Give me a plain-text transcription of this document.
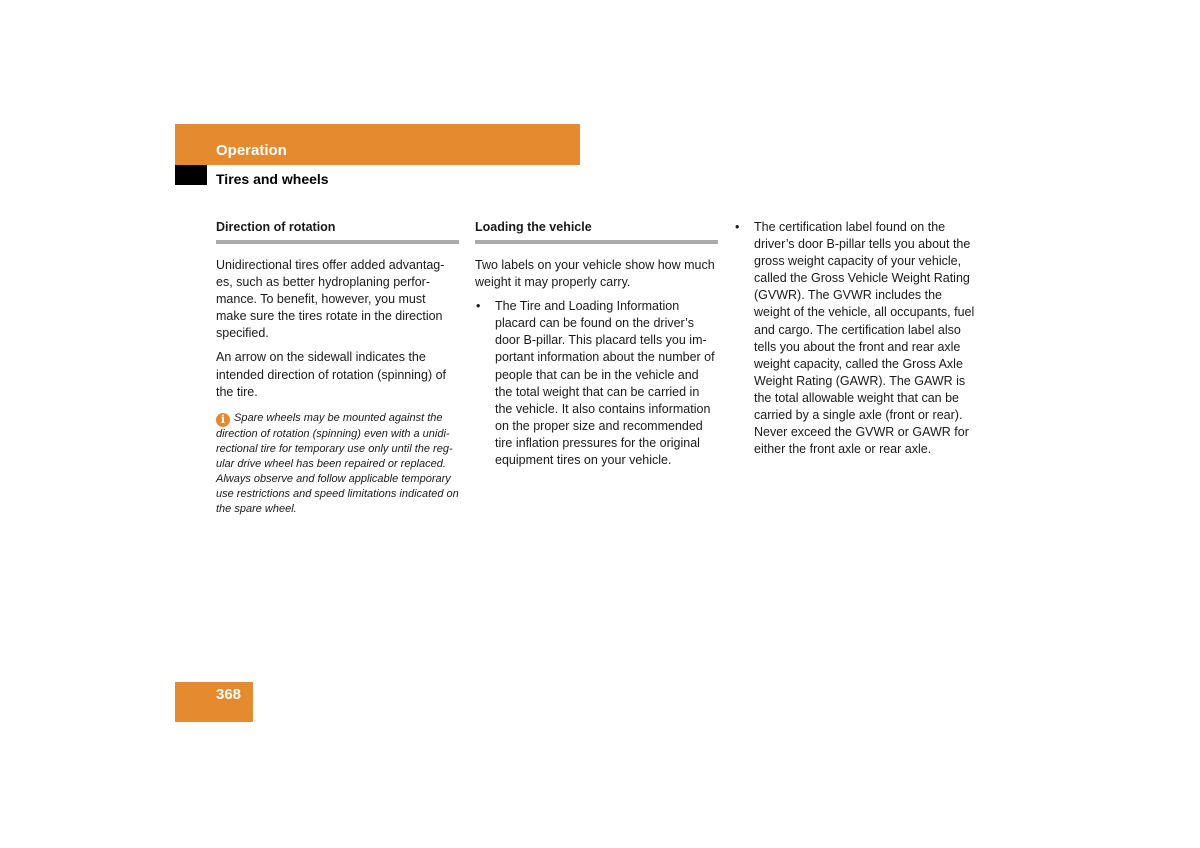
Operation
Tires and wheels
Direction of rotation

Unidirectional tires offer added advantag-es, such as better hydroplaning perfor-mance. To benefit, however, you must make sure the tires rotate in the direction specified.

An arrow on the sidewall indicates the intended direction of rotation (spinning) of the tire.

i Spare wheels may be mounted against the direction of rotation (spinning) even with a unidi-rectional tire for temporary use only until the reg-ular drive wheel has been repaired or replaced. Always observe and follow applicable temporary use restrictions and speed limitations indicated on the spare wheel.
Loading the vehicle

Two labels on your vehicle show how much weight it may properly carry.

• The Tire and Loading Information placard can be found on the driver’s door B-pillar. This placard tells you im-portant information about the number of people that can be in the vehicle and the total weight that can be carried in the vehicle. It also contains information on the proper size and recommended tire inflation pressures for the original equipment tires on your vehicle.
• The certification label found on the driver’s door B-pillar tells you about the gross weight capacity of your vehicle, called the Gross Vehicle Weight Rating (GVWR). The GVWR includes the weight of the vehicle, all occupants, fuel and cargo. The certification label also tells you about the front and rear axle weight capacity, called the Gross Axle Weight Rating (GAWR). The GAWR is the total allowable weight that can be carried by a single axle (front or rear). Never exceed the GVWR or GAWR for either the front axle or rear axle.
368
